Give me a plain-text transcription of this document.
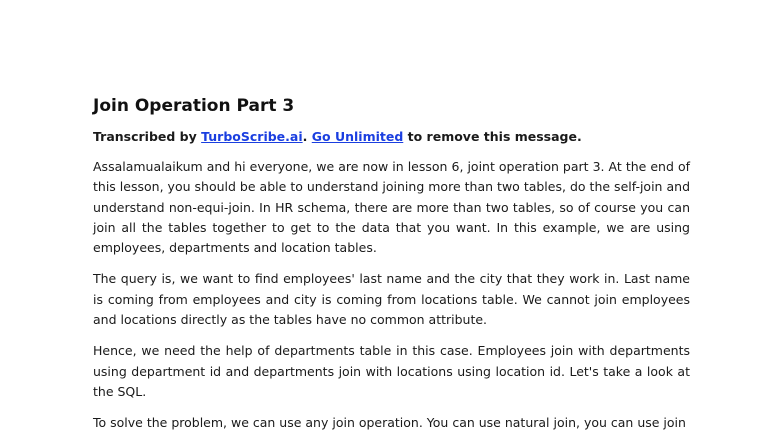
Join Operation Part 3
Transcribed by TurboScribe.ai. Go Unlimited to remove this message.

Assalamualaikum and hi everyone, we are now in lesson 6, joint operation part 3. At the end of this lesson, you should be able to understand joining more than two tables, do the self-join and understand non-equi-join. In HR schema, there are more than two tables, so of course you can join all the tables together to get to the data that you want. In this example, we are using employees, departments and location tables.

The query is, we want to find employees' last name and the city that they work in. Last name is coming from employees and city is coming from locations table. We cannot join employees and locations directly as the tables have no common attribute.

Hence, we need the help of departments table in this case. Employees join with departments using department id and departments join with locations using location id. Let's take a look at the SQL.

To solve the problem, we can use any join operation. You can use natural join, you can use join
